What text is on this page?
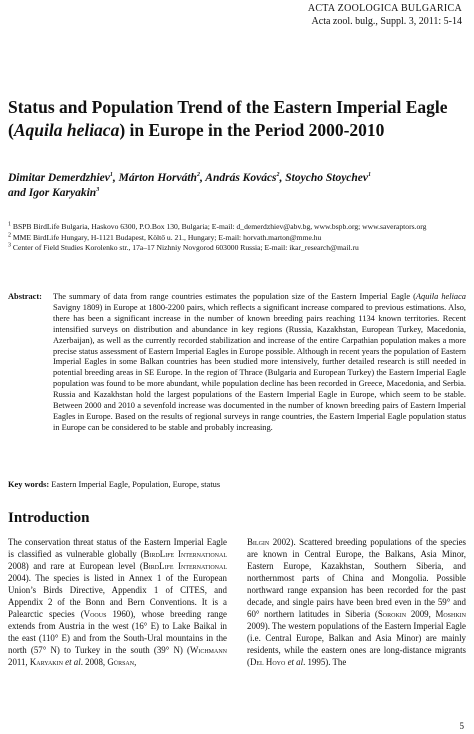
ACTA ZOOLOGICA BULGARICA
Acta zool. bulg., Suppl. 3, 2011: 5-14
Status and Population Trend of the Eastern Imperial Eagle
(Aquila heliaca) in Europe in the Period 2000-2010
Dimitar Demerdzhiev$^1$, Márton Horváth$^2$, András Kovács$^2$, Stoycho Stoychev$^1$
and Igor Karyakin$^3$

$^1$ BSPB BirdLife Bulgaria, Haskovo 6300, P.O.Box 130, Bulgaria; E-mail: d_demerdzhiev@abv.bg, www.bspb.org; www.saveraptors.org

$^2$ MME BirdLife Hungary, H-1121 Budapest, Költő u. 21., Hungary; E-mail: horvath.marton@mme.hu

$^3$ Center of Field Studies Korolenko str., 17a–17 Nizhniy Novgorod 603000 Russia; E-mail: ikar_research@mail.ru

Abstract:	The summary of data from range countries estimates the population size of the Eastern Imperial Eagle (Aquila heliaca Savigny 1809) in Europe at 1800-2200 pairs, which reflects a significant increase compared to previous estimations. Also, there has been a significant increase in the number of known breeding pairs reaching 1134 known territories. Recent intensified surveys on distribution and abundance in key regions (Russia, Kazakhstan, European Turkey, Macedonia, Azerbaijan), as well as the currently recorded stabilization and increase of the entire Carpathian population makes a more precise status assessment of Eastern Imperial Eagles in Europe possible. Although in recent years the population of Eastern Imperial Eagles in some Balkan countries has been studied more intensively, further detailed research is still needed in potential breeding areas in SE Europe. In the region of Thrace (Bulgaria and European Turkey) the Eastern Imperial Eagle population was found to be more abundant, while population decline has been recorded in Greece, Macedonia, and Serbia. Russia and Kazakhstan hold the largest populations of the Eastern Imperial Eagle in Europe, which seem to be stable. Between 2000 and 2010 a sevenfold increase was documented in the number of known breeding pairs of Eastern Imperial Eagles in Europe. Based on the results of regional surveys in range countries, the Eastern Imperial Eagle population status in Europe can be considered to be stable and probably increasing.
Key words: Eastern Imperial Eagle, Population, Europe, status
Introduction
The conservation threat status of the Eastern Imperial Eagle is classified as vulnerable globally (BirdLife International 2008) and rare at European level (BirdLife International 2004). The species is listed in Annex 1 of the European Union’s Birds Directive, Appendix 1 of CITES, and Appendix 2 of the Bonn and Bern Conventions. It is a Palearctic species (Voous 1960), whose breeding range extends from Austria in the west (16° E) to Lake Baikal in the east (110° E) and from the South-Ural mountains in the north (57° N) to Turkey in the south (39° N) (Wichmann 2011, Karyakin et al. 2008, Gürsan,
Bilgin 2002). Scattered breeding populations of the species are known in Central Europe, the Balkans, Asia Minor, Eastern Europe, Kazakhstan, Southern Siberia, and northernmost parts of China and Mongolia. Possible northward range expansion has been recorded for the past decade, and single pairs have been bred even in the 59° and 60° northern latitudes in Siberia (Sorokin 2009, Moshkin 2009). The western populations of the Eastern Imperial Eagle (i.e. Central Europe, Balkan and Asia Minor) are mainly residents, while the eastern ones are long-distance migrants (Del Hoyo et al. 1995). The
5
